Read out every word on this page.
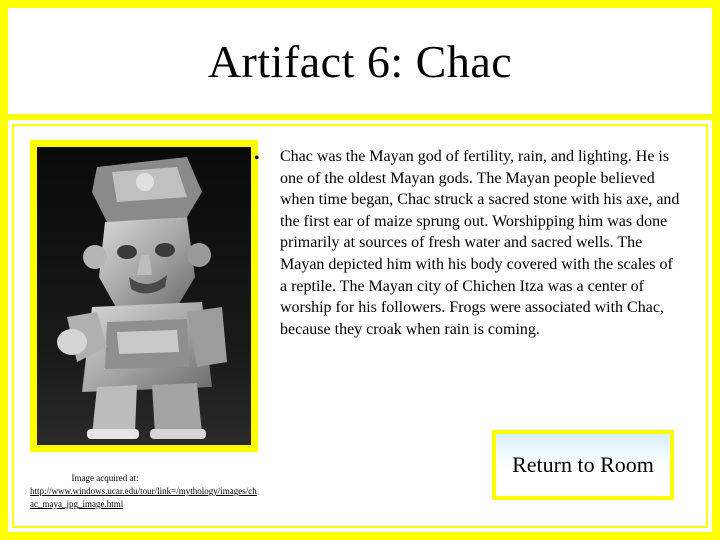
Artifact 6: Chac
Image acquired at:
http://www.windows.ucar.edu/tour/link=/mythology/images/chac_maya_jpg_image.html
• Chac was the Mayan god of fertility, rain, and lighting. He is one of the oldest Mayan gods. The Mayan people believed when time began, Chac struck a sacred stone with his axe, and the first ear of maize sprung out. Worshipping him was done primarily at sources of fresh water and sacred wells. The Mayan depicted him with his body covered with the scales of a reptile. The Mayan city of Chichen Itza was a center of worship for his followers. Frogs were associated with Chac, because they croak when rain is coming.

Return to Room
